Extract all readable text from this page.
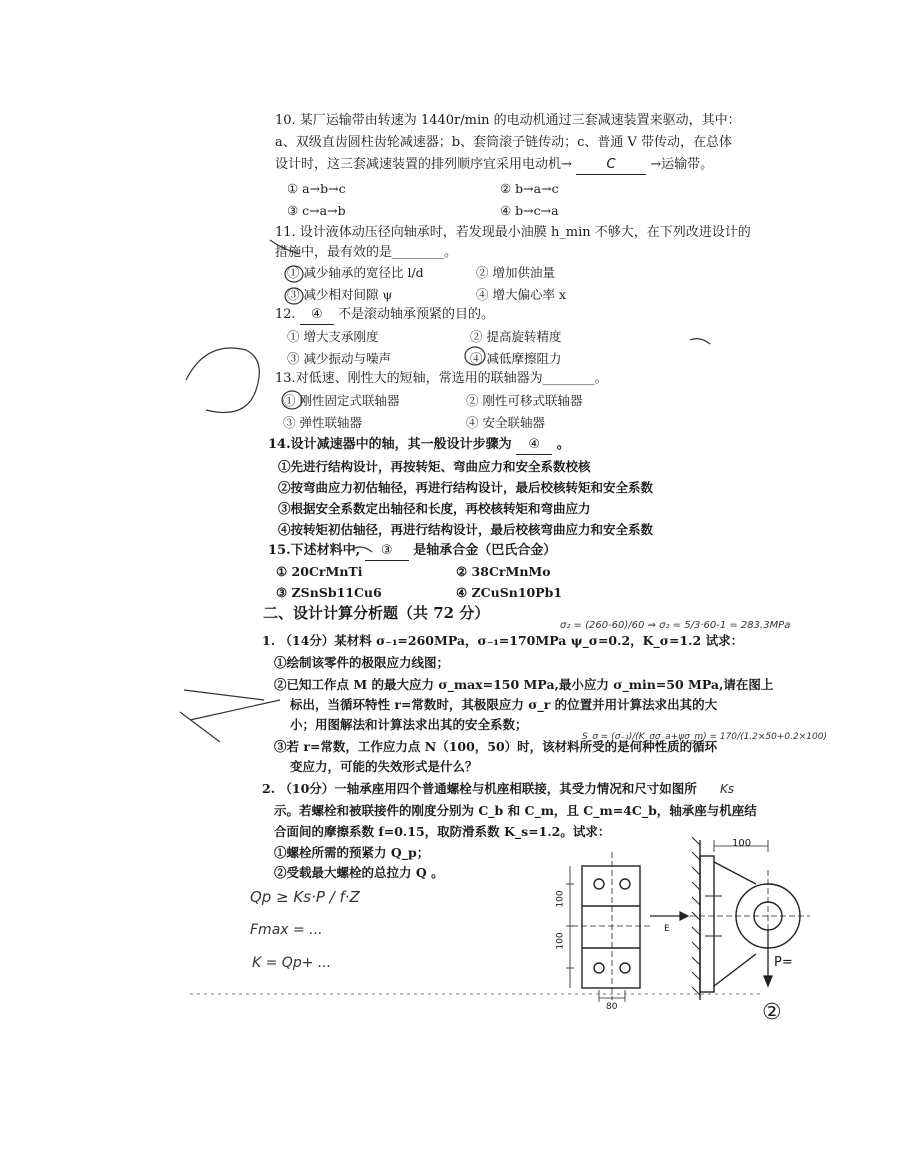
10. 某厂运输带由转速为 1440r/min 的电动机通过三套减速装置来驱动，其中：
a、双级直齿圆柱齿轮减速器；b、套筒滚子链传动；c、普通 V 带传动，在总体
设计时，这三套减速装置的排列顺序宜采用电动机→	C	→运输带。
① a→b→c	② b→a→c
③ c→a→b	④ b→c→a
11. 设计液体动压径向轴承时，若发现最小油膜 h_min 不够大，在下列改进设计的
措施中，最有效的是________。
① 减少轴承的宽径比 l/d	② 增加供油量
③ 减少相对间隙 ψ	④ 增大偏心率 x
12. ④ 不是滚动轴承预紧的目的。
① 增大支承刚度	② 提高旋转精度
③ 减少振动与噪声	④ 减低摩擦阻力
13.对低速、刚性大的短轴，常选用的联轴器为________。
① 刚性固定式联轴器	② 刚性可移式联轴器
③ 弹性联轴器	④ 安全联轴器
14.设计减速器中的轴，其一般设计步骤为 ④ 。
①先进行结构设计，再按转矩、弯曲应力和安全系数校核
②按弯曲应力初估轴径，再进行结构设计，最后校核转矩和安全系数
③根据安全系数定出轴径和长度，再校核转矩和弯曲应力
④按转矩初估轴径，再进行结构设计，最后校核弯曲应力和安全系数
15.下述材料中, ③ 是轴承合金（巴氏合金）
① 20CrMnTi	② 38CrMnMo
③ ZSnSb11Cu6	④ ZCuSn10Pb1
二、设计计算分析题（共 72 分）
1. （14分）某材料 σ₋₁=260MPa，σ₋₁=170MPa ψ_σ=0.2，K_σ=1.2 试求：
①绘制该零件的极限应力线图；
②已知工作点 M 的最大应力 σ_max=150 MPa,最小应力 σ_min=50 MPa,请在图上
标出，当循环特性 r=常数时，其极限应力 σ_r 的位置并用计算法求出其的大
小；用图解法和计算法求出其的安全系数；
③若 r=常数，工作应力点 N（100，50）时，该材料所受的是何种性质的循环
变应力，可能的失效形式是什么？
2. （10分）一轴承座用四个普通螺栓与机座相联接，其受力情况和尺寸如图所
示。若螺栓和被联接件的刚度分别为 C_b 和 C_m，且 C_m=4C_b，轴承座与机座结
合面间的摩擦系数 f=0.15，取防滑系数 K_s=1.2。试求：
①螺栓所需的预紧力 Q_p；
②受载最大螺栓的总拉力 Q 。
σ₂ = (260-60)/60 ⇒ σ₂ = 5/3·60-1 = 283.3MPa
S_σ = (σ₋₁)/(K_σσ_a+ψσ_m) = 170/(1.2×50+0.2×100)
Ks
Qp ≥ Ks·P / f·Z
Fmax = ...
K = Qp+ ...
②
100
100
100
80
P=
E
